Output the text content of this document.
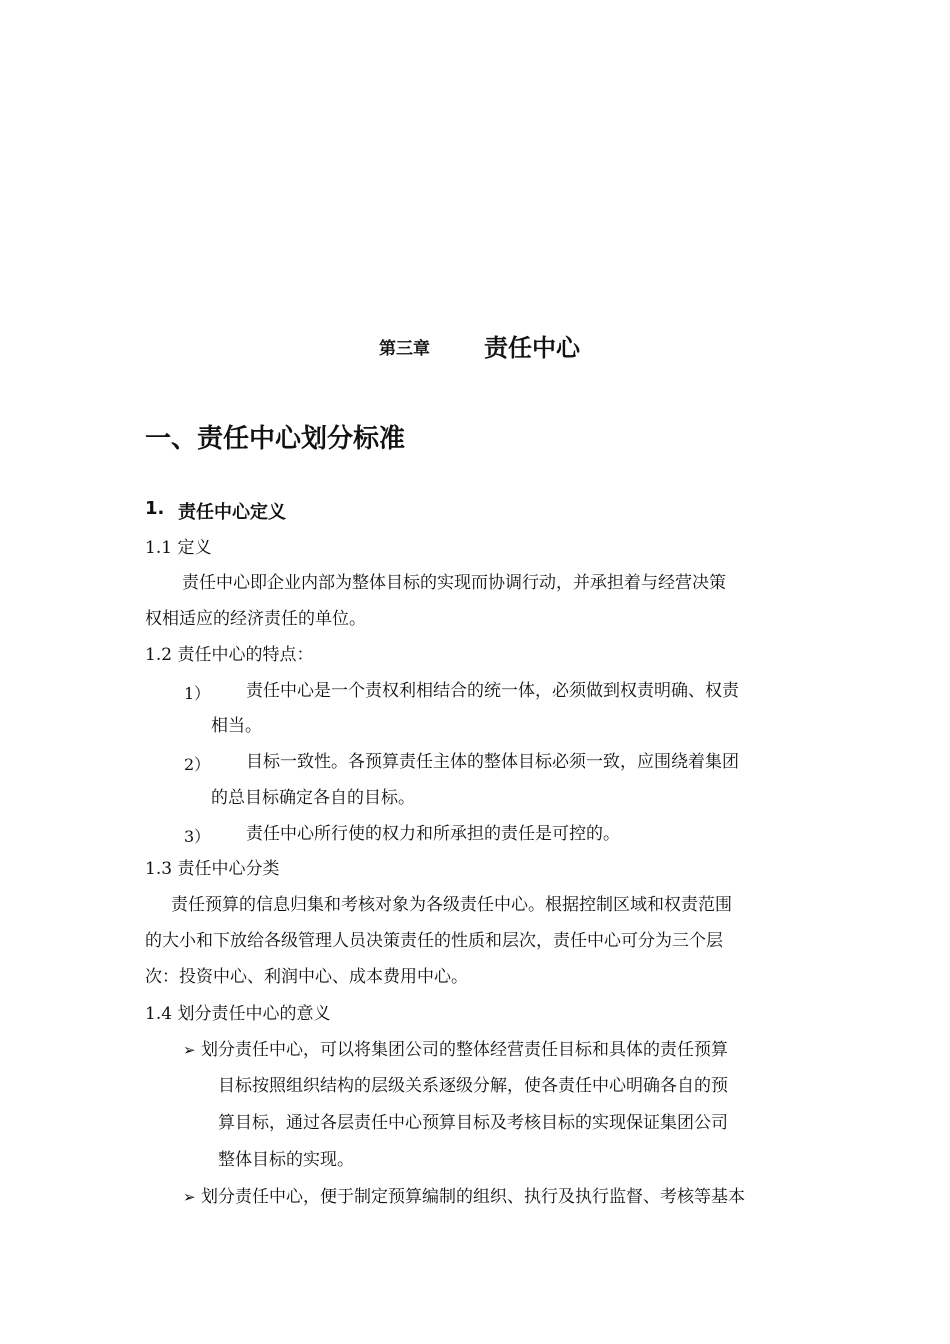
第三章 责任中心
一、责任中心划分标准
1. 责任中心定义
1.1 定义
责任中心即企业内部为整体目标的实现而协调行动，并承担着与经营决策
权相适应的经济责任的单位。
1.2 责任中心的特点：
1） 责任中心是一个责权利相结合的统一体，必须做到权责明确、权责
相当。
2） 目标一致性。各预算责任主体的整体目标必须一致，应围绕着集团
的总目标确定各自的目标。
3） 责任中心所行使的权力和所承担的责任是可控的。
1.3 责任中心分类
责任预算的信息归集和考核对象为各级责任中心。根据控制区域和权责范围
的大小和下放给各级管理人员决策责任的性质和层次，责任中心可分为三个层
次：投资中心、利润中心、成本费用中心。
1.4 划分责任中心的意义
➢ 划分责任中心，可以将集团公司的整体经营责任目标和具体的责任预算
目标按照组织结构的层级关系逐级分解，使各责任中心明确各自的预
算目标，通过各层责任中心预算目标及考核目标的实现保证集团公司
整体目标的实现。
➢ 划分责任中心，便于制定预算编制的组织、执行及执行监督、考核等基本
